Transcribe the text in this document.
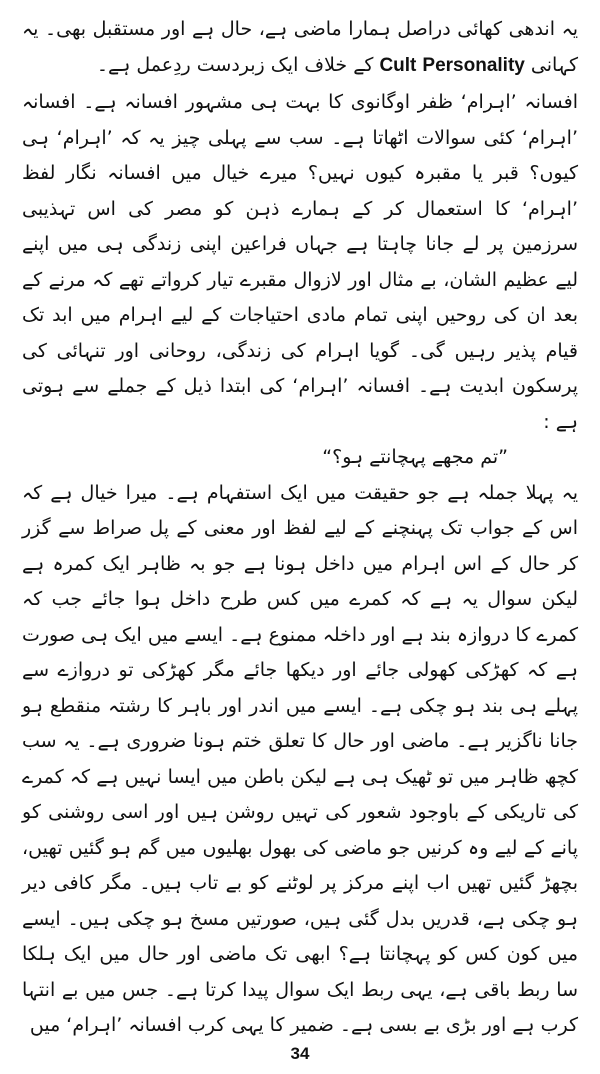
یہ اندھی کھائی دراصل ہمارا ماضی ہے، حال ہے اور مستقبل بھی۔ یہ کہانی Personality Cult کے خلاف ایک زبردست ردِعمل ہے۔

افسانہ ’اہرام‘ ظفر اوگانوی کا بہت ہی مشہور افسانہ ہے۔ افسانہ ’اہرام‘ کئی سوالات اٹھاتا ہے۔ سب سے پہلی چیز یہ کہ ’اہرام‘ ہی کیوں؟ قبر یا مقبرہ کیوں نہیں؟ میرے خیال میں افسانہ نگار لفظ ’اہرام‘ کا استعمال کر کے ہمارے ذہن کو مصر کی اس تہذیبی سرزمین پر لے جانا چاہتا ہے جہاں فراعین اپنی زندگی ہی میں اپنے لیے عظیم الشان، بے مثال اور لازوال مقبرے تیار کرواتے تھے کہ مرنے کے بعد ان کی روحیں اپنی تمام مادی احتیاجات کے لیے اہرام میں ابد تک قیام پذیر رہیں گی۔ گویا اہرام کی زندگی، روحانی اور تنہائی کی پرسکون ابدیت ہے۔ افسانہ ’اہرام‘ کی ابتدا ذیل کے جملے سے ہوتی ہے :

”تم مجھے پہچانتے ہو؟“

یہ پہلا جملہ ہے جو حقیقت میں ایک استفہام ہے۔ میرا خیال ہے کہ اس کے جواب تک پہنچنے کے لیے لفظ اور معنی کے پل صراط سے گزر کر حال کے اس اہرام میں داخل ہونا ہے جو بہ ظاہر ایک کمرہ ہے لیکن سوال یہ ہے کہ کمرے میں کس طرح داخل ہوا جائے جب کہ کمرے کا دروازہ بند ہے اور داخلہ ممنوع ہے۔ ایسے میں ایک ہی صورت ہے کہ کھڑکی کھولی جائے اور دیکھا جائے مگر کھڑکی تو دروازے سے پہلے ہی بند ہو چکی ہے۔ ایسے میں اندر اور باہر کا رشتہ منقطع ہو جانا ناگزیر ہے۔ ماضی اور حال کا تعلق ختم ہونا ضروری ہے۔ یہ سب کچھ ظاہر میں تو ٹھیک ہی ہے لیکن باطن میں ایسا نہیں ہے کہ کمرے کی تاریکی کے باوجود شعور کی تہیں روشن ہیں اور اسی روشنی کو پانے کے لیے وہ کرنیں جو ماضی کی بھول بھلیوں میں گم ہو گئیں تھیں، بچھڑ گئیں تھیں اب اپنے مرکز پر لوٹنے کو بے تاب ہیں۔ مگر کافی دیر ہو چکی ہے، قدریں بدل گئی ہیں، صورتیں مسخ ہو چکی ہیں۔ ایسے میں کون کس کو پہچانتا ہے؟ ابھی تک ماضی اور حال میں ایک ہلکا سا ربط باقی ہے، یہی ربط ایک سوال پیدا کرتا ہے۔ جس میں بے انتہا کرب ہے اور بڑی بے بسی ہے۔ ضمیر کا یہی کرب افسانہ ’اہرام‘ میں

34
